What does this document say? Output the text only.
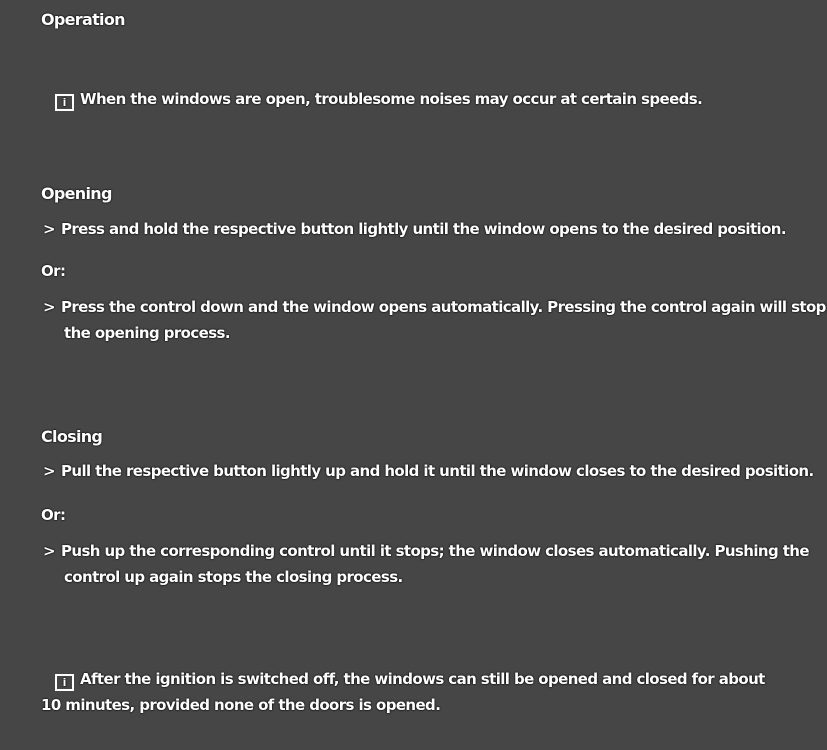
Operation
i When the windows are open, troublesome noises may occur at certain speeds.
Opening
> Press and hold the respective button lightly until the window opens to the desired position.
Or:
> Press the control down and the window opens automatically. Pressing the control again will stop
the opening process.
Closing
> Pull the respective button lightly up and hold it until the window closes to the desired position.
Or:
> Push up the corresponding control until it stops; the window closes automatically. Pushing the
control up again stops the closing process.
i After the ignition is switched off, the windows can still be opened and closed for about
10 minutes, provided none of the doors is opened.
